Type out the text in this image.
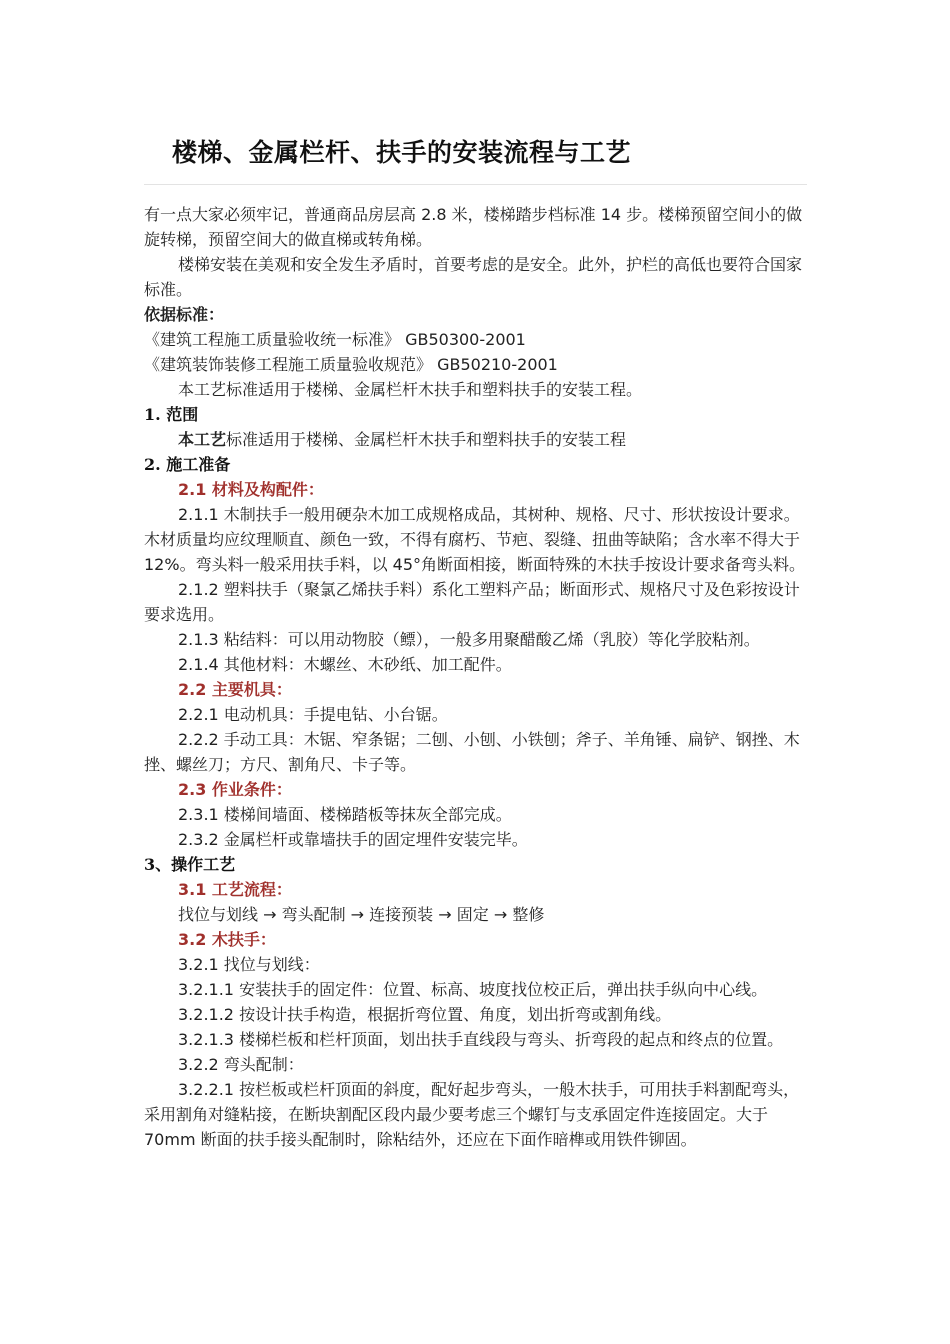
楼梯、金属栏杆、扶手的安装流程与工艺

有一点大家必须牢记，普通商品房层高 2.8 米，楼梯踏步档标准 14 步。楼梯预留空间小的做旋转梯，预留空间大的做直梯或转角梯。

楼梯安装在美观和安全发生矛盾时，首要考虑的是安全。此外，护栏的高低也要符合国家标准。

依据标准：

《建筑工程施工质量验收统一标准》 GB50300-2001

《建筑装饰装修工程施工质量验收规范》 GB50210-2001

本工艺标准适用于楼梯、金属栏杆木扶手和塑料扶手的安装工程。

1. 范围

本工艺标准适用于楼梯、金属栏杆木扶手和塑料扶手的安装工程

2. 施工准备

2.1 材料及构配件：

2.1.1 木制扶手一般用硬杂木加工成规格成品，其树种、规格、尺寸、形状按设计要求。木材质量均应纹理顺直、颜色一致，不得有腐朽、节疤、裂缝、扭曲等缺陷；含水率不得大于 12%。弯头料一般采用扶手料，以 45°角断面相接，断面特殊的木扶手按设计要求备弯头料。

2.1.2 塑料扶手（聚氯乙烯扶手料）系化工塑料产品；断面形式、规格尺寸及色彩按设计要求选用。

2.1.3 粘结料：可以用动物胶（鳔），一般多用聚醋酸乙烯（乳胶）等化学胶粘剂。

2.1.4 其他材料：木螺丝、木砂纸、加工配件。

2.2 主要机具：

2.2.1 电动机具：手提电钻、小台锯。

2.2.2 手动工具：木锯、窄条锯；二刨、小刨、小铁刨；斧子、羊角锤、扁铲、钢挫、木挫、螺丝刀；方尺、割角尺、卡子等。

2.3 作业条件：

2.3.1 楼梯间墙面、楼梯踏板等抹灰全部完成。

2.3.2 金属栏杆或靠墙扶手的固定埋件安装完毕。

3、操作工艺

3.1 工艺流程：

找位与划线 → 弯头配制 → 连接预装 → 固定 → 整修

3.2 木扶手：

3.2.1 找位与划线：

3.2.1.1 安装扶手的固定件：位置、标高、坡度找位校正后，弹出扶手纵向中心线。

3.2.1.2 按设计扶手构造，根据折弯位置、角度，划出折弯或割角线。

3.2.1.3 楼梯栏板和栏杆顶面，划出扶手直线段与弯头、折弯段的起点和终点的位置。

3.2.2 弯头配制：

3.2.2.1 按栏板或栏杆顶面的斜度，配好起步弯头，一般木扶手，可用扶手料割配弯头，采用割角对缝粘接，在断块割配区段内最少要考虑三个螺钉与支承固定件连接固定。大于 70mm 断面的扶手接头配制时，除粘结外，还应在下面作暗榫或用铁件铆固。
